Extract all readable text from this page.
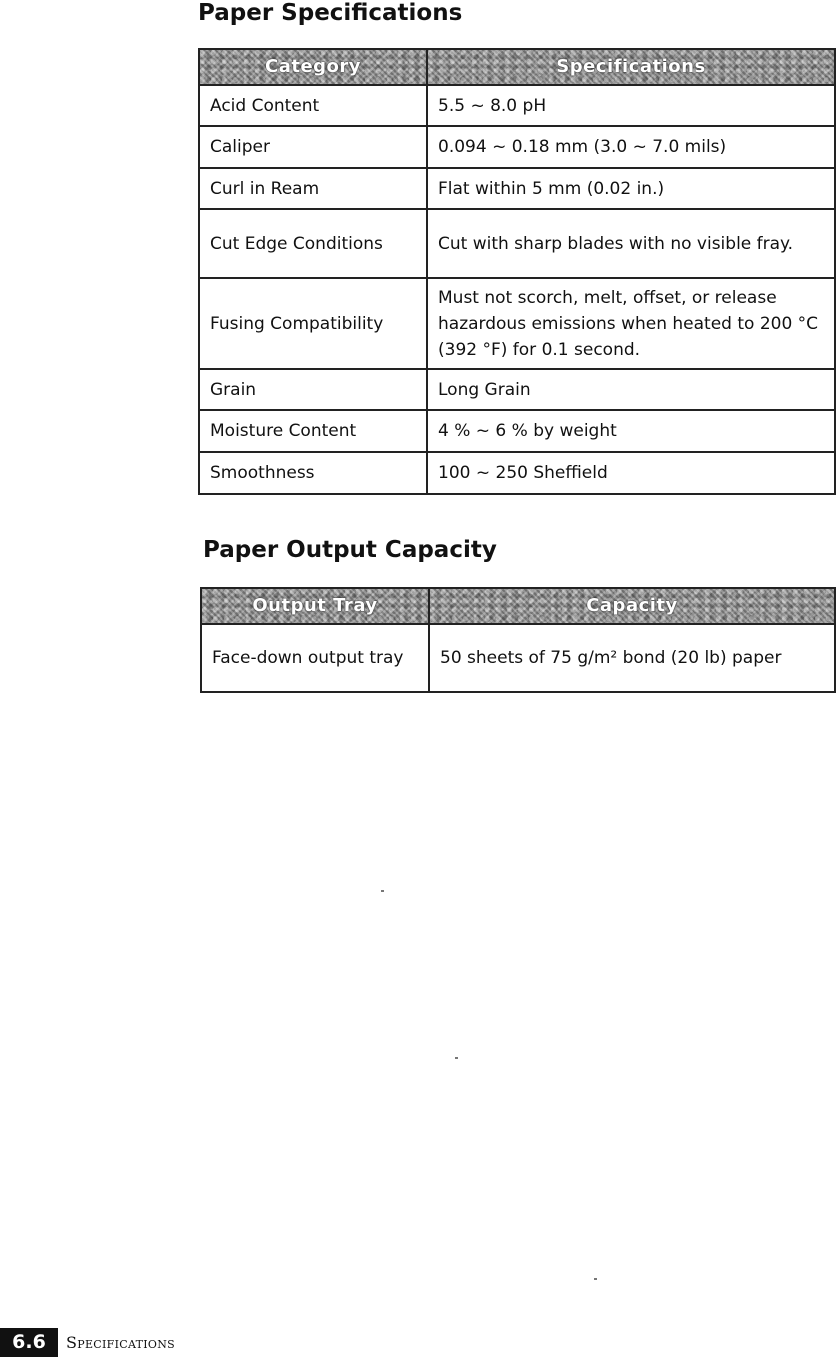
Paper Specifications
Category	Specifications
Acid Content	5.5 ~ 8.0 pH
Caliper	0.094 ~ 0.18 mm (3.0 ~ 7.0 mils)
Curl in Ream	Flat within 5 mm (0.02 in.)
Cut Edge Conditions	Cut with sharp blades with no visible fray.
Fusing Compatibility	Must not scorch, melt, offset, or release hazardous emissions when heated to 200 °C (392 °F) for 0.1 second.
Grain	Long Grain
Moisture Content	4 % ~ 6 % by weight
Smoothness	100 ~ 250 Sheffield
Paper Output Capacity
Output Tray	Capacity
Face-down output tray	50 sheets of 75 g/m² bond (20 lb) paper
6.6	Specifications
